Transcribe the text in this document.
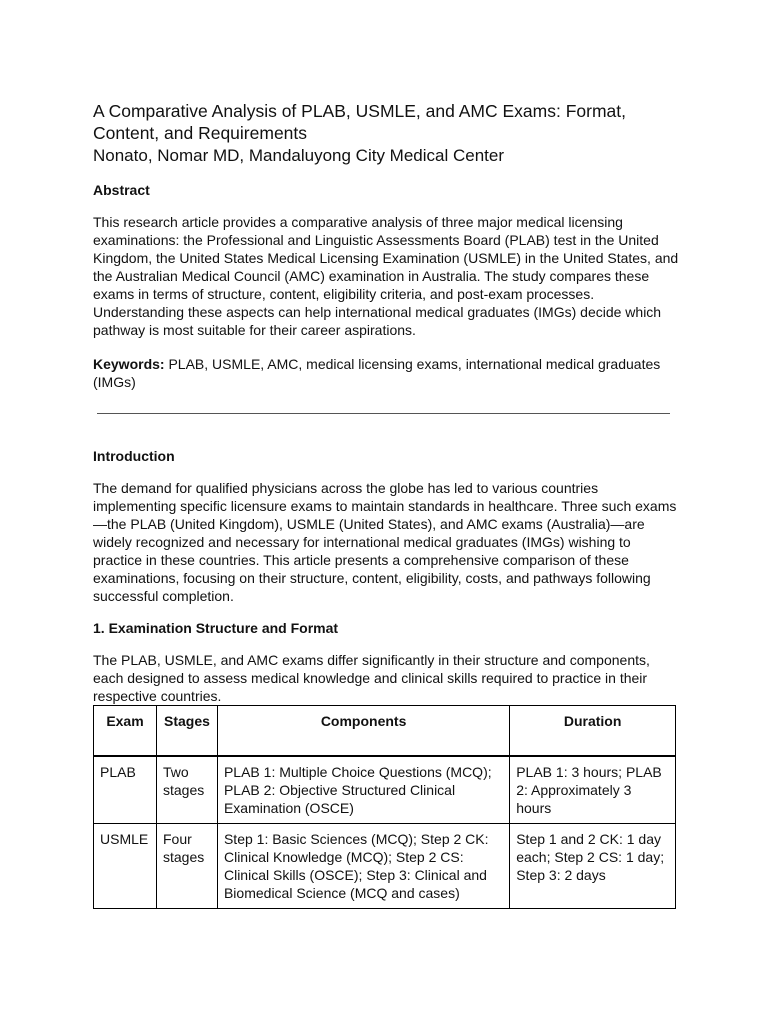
A Comparative Analysis of PLAB, USMLE, and AMC Exams: Format, Content, and Requirements
Nonato, Nomar MD, Mandaluyong City Medical Center
Abstract

This research article provides a comparative analysis of three major medical licensing examinations: the Professional and Linguistic Assessments Board (PLAB) test in the United Kingdom, the United States Medical Licensing Examination (USMLE) in the United States, and the Australian Medical Council (AMC) examination in Australia. The study compares these exams in terms of structure, content, eligibility criteria, and post-exam processes. Understanding these aspects can help international medical graduates (IMGs) decide which pathway is most suitable for their career aspirations.

Keywords: PLAB, USMLE, AMC, medical licensing exams, international medical graduates (IMGs)

Introduction

The demand for qualified physicians across the globe has led to various countries implementing specific licensure exams to maintain standards in healthcare. Three such exams—the PLAB (United Kingdom), USMLE (United States), and AMC exams (Australia)—are widely recognized and necessary for international medical graduates (IMGs) wishing to practice in these countries. This article presents a comprehensive comparison of these examinations, focusing on their structure, content, eligibility, costs, and pathways following successful completion.

1. Examination Structure and Format

The PLAB, USMLE, and AMC exams differ significantly in their structure and components, each designed to assess medical knowledge and clinical skills required to practice in their respective countries.

Exam	Stages	Components	Duration
PLAB	Two stages	PLAB 1: Multiple Choice Questions (MCQ); PLAB 2: Objective Structured Clinical Examination (OSCE)	PLAB 1: 3 hours; PLAB 2: Approximately 3 hours
USMLE	Four stages	Step 1: Basic Sciences (MCQ); Step 2 CK: Clinical Knowledge (MCQ); Step 2 CS: Clinical Skills (OSCE); Step 3: Clinical and Biomedical Science (MCQ and cases)	Step 1 and 2 CK: 1 day each; Step 2 CS: 1 day; Step 3: 2 days
